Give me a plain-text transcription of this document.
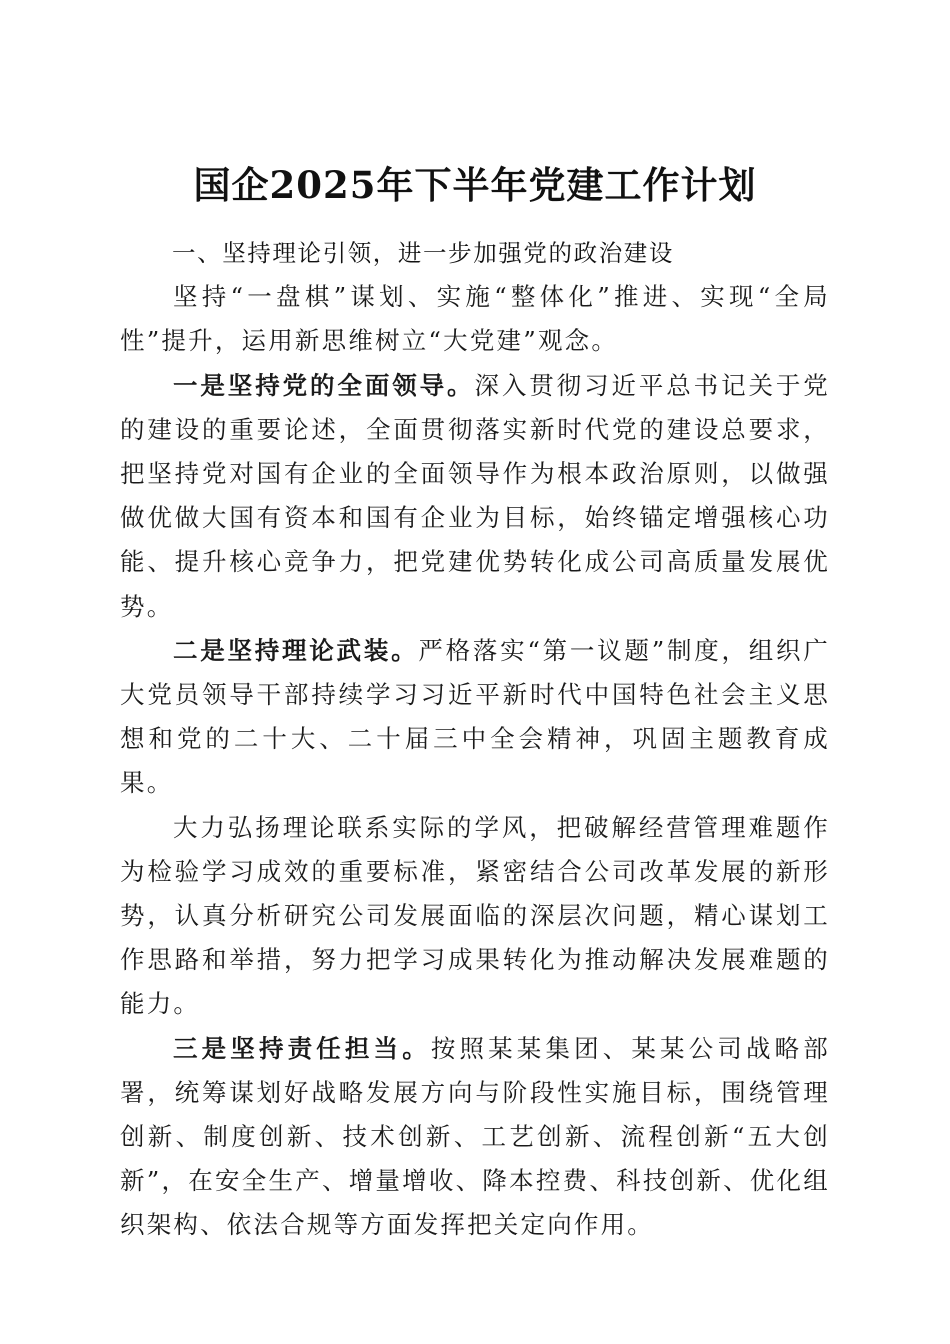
国企2025年下半年党建工作计划
一、坚持理论引领，进一步加强党的政治建设

坚持“一盘棋”谋划、实施“整体化”推进、实现“全局性”提升，运用新思维树立“大党建”观念。

一是坚持党的全面领导。深入贯彻习近平总书记关于党的建设的重要论述，全面贯彻落实新时代党的建设总要求，把坚持党对国有企业的全面领导作为根本政治原则，以做强做优做大国有资本和国有企业为目标，始终锚定增强核心功能、提升核心竞争力，把党建优势转化成公司高质量发展优势。

二是坚持理论武装。严格落实“第一议题”制度，组织广大党员领导干部持续学习习近平新时代中国特色社会主义思想和党的二十大、二十届三中全会精神，巩固主题教育成果。

大力弘扬理论联系实际的学风，把破解经营管理难题作为检验学习成效的重要标准，紧密结合公司改革发展的新形势，认真分析研究公司发展面临的深层次问题，精心谋划工作思路和举措，努力把学习成果转化为推动解决发展难题的能力。

三是坚持责任担当。按照某某集团、某某公司战略部署，统筹谋划好战略发展方向与阶段性实施目标，围绕管理创新、制度创新、技术创新、工艺创新、流程创新“五大创新”，在安全生产、增量增收、降本控费、科技创新、优化组织架构、依法合规等方面发挥把关定向作用。
